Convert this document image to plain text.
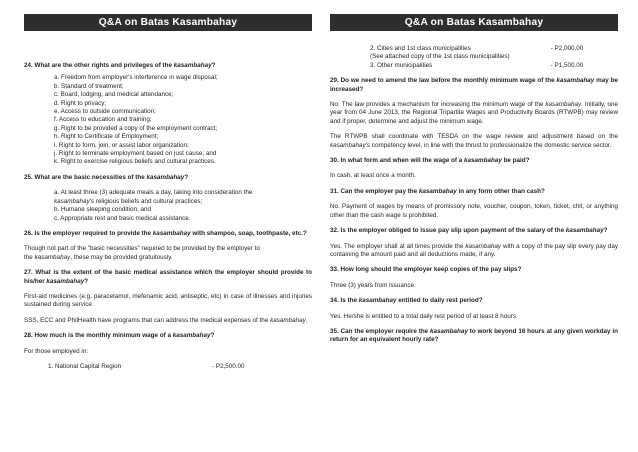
Q&A on Batas Kasambahay

24. What are the other rights and privileges of the kasambahay?

a. Freedom from employer's interference in wage disposal;
b. Standard of treatment;
c. Board, lodging, and medical attendance;
d. Right to privacy;
e. Access to outside communication;
f. Access to education and training;
g. Right to be provided a copy of the employment contract;
h. Right to Certificate of Employment;
i. Right to form, join, or assist labor organization;
j. Right to terminate employment based on just cause; and
k. Right to exercise religious beliefs and cultural practices.

25. What are the basic necessities of the kasambahay?

a. At least three (3) adequate meals a day, taking into consideration the
kasambahay's religious beliefs and cultural practices;
b. Humane sleeping condition; and
c. Appropriate rest and basic medical assistance.

26. Is the employer required to provide the kasambahay with shampoo, soap, toothpaste, etc.?

Though not part of the "basic necessities" required to be provided by the employer to
the kasambahay, these may be provided gratuitously.

27. What is the extent of the basic medical assistance which the employer should provide to his/her kasambahay?

First-aid medicines (e.g. paracetamol, mefenamic acid, antiseptic, etc) in case of illnesses and injuries sustained during service.

SSS, ECC and PhilHealth have programs that can address the medical expenses of the kasambahay.

28. How much is the monthly minimum wage of a kasambahay?

For those employed in:

1. National Capital Region	- P2,500.00
Q&A on Batas Kasambahay
2. Cities and 1st class municipalities	- P2,000.00
(See attached copy of the 1st class municipalities)
3. Other municipalities	- P1,500.00

29. Do we need to amend the law before the monthly minimum wage of the kasambahay may be increased?

No. The law provides a mechanism for increasing the minimum wage of the kasambahay. Initially, one year from 04 June 2013, the Regional Tripartite Wages and Productivity Boards (RTWPB) may review and if proper, determine and adjust the minimum wage.

The RTWPB shall coordinate with TESDA on the wage review and adjustment based on the kasambahay's competency level, in line with the thrust to professionalize the domestic service sector.

30. In what form and when will the wage of a kasambahay be paid?

In cash, at least once a month.

31. Can the employer pay the kasambahay in any form other than cash?

No. Payment of wages by means of promissory note, voucher, coupon, token, ticket, chit, or anything other than the cash wage is prohibited.

32. Is the employer obliged to issue pay slip upon payment of the salary of the kasambahay?

Yes. The employer shall at all times provide the kasambahay with a copy of the pay slip every pay day containing the amount paid and all deductions made, if any.

33. How long should the employer keep copies of the pay slips?

Three (3) years from issuance.

34. Is the kasambahay entitled to daily rest period?

Yes. He/she is entitled to a total daily rest period of at least 8 hours.

35. Can the employer require the kasambahay to work beyond 16 hours at any given workday in return for an equivalent hourly rate?
